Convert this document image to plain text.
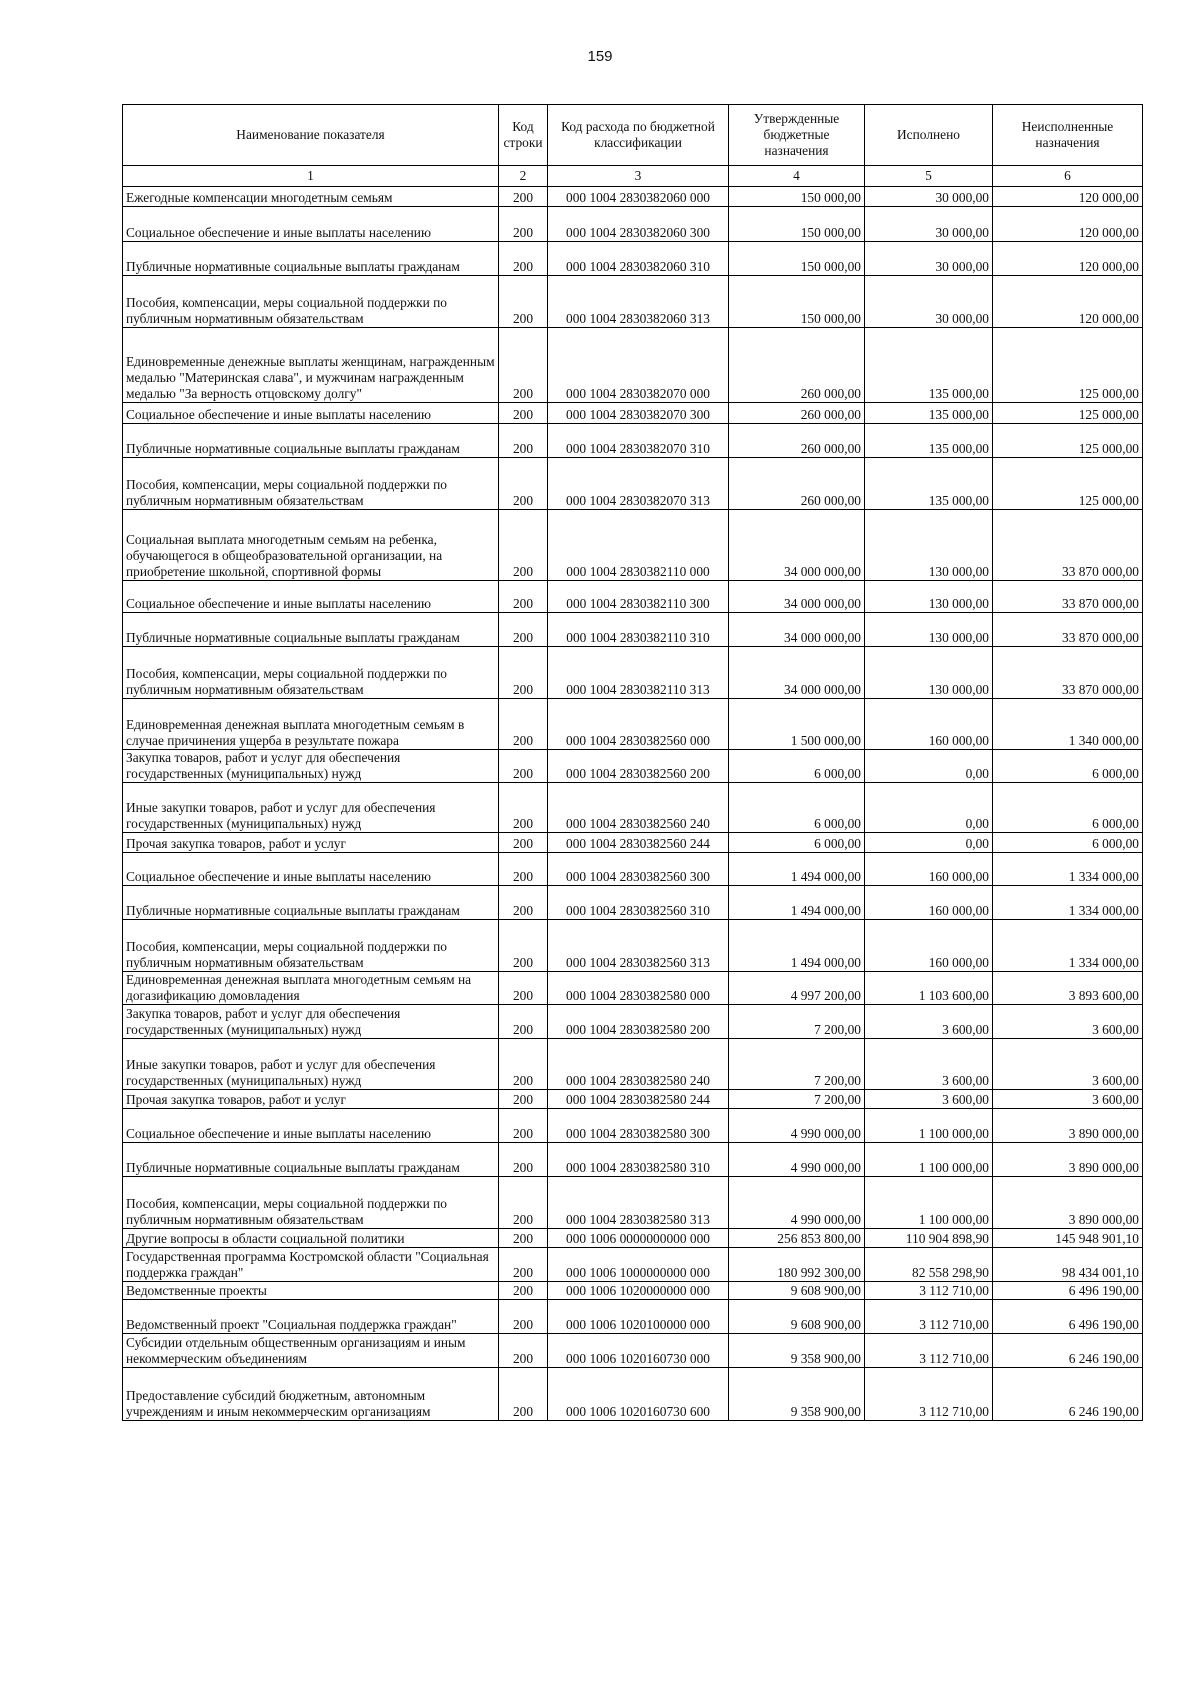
159
Наименование показателя	Код строки	Код расхода по бюджетной классификации	Утвержденные бюджетные назначения	Исполнено	Неисполненные назначения
1	2	3	4	5	6
Ежегодные компенсации многодетным семьям	200	000 1004 2830382060 000	150 000,00	30 000,00	120 000,00
Социальное обеспечение и иные выплаты населению	200	000 1004 2830382060 300	150 000,00	30 000,00	120 000,00
Публичные нормативные социальные выплаты гражданам	200	000 1004 2830382060 310	150 000,00	30 000,00	120 000,00
Пособия, компенсации, меры социальной поддержки по публичным нормативным обязательствам	200	000 1004 2830382060 313	150 000,00	30 000,00	120 000,00
Единовременные денежные выплаты женщинам, награжденным медалью "Материнская слава", и мужчинам награжденным медалью "За верность отцовскому долгу"	200	000 1004 2830382070 000	260 000,00	135 000,00	125 000,00
Социальное обеспечение и иные выплаты населению	200	000 1004 2830382070 300	260 000,00	135 000,00	125 000,00
Публичные нормативные социальные выплаты гражданам	200	000 1004 2830382070 310	260 000,00	135 000,00	125 000,00
Пособия, компенсации, меры социальной поддержки по публичным нормативным обязательствам	200	000 1004 2830382070 313	260 000,00	135 000,00	125 000,00
Социальная выплата многодетным семьям на ребенка, обучающегося в общеобразовательной организации, на приобретение школьной, спортивной формы	200	000 1004 2830382110 000	34 000 000,00	130 000,00	33 870 000,00
Социальное обеспечение и иные выплаты населению	200	000 1004 2830382110 300	34 000 000,00	130 000,00	33 870 000,00
Публичные нормативные социальные выплаты гражданам	200	000 1004 2830382110 310	34 000 000,00	130 000,00	33 870 000,00
Пособия, компенсации, меры социальной поддержки по публичным нормативным обязательствам	200	000 1004 2830382110 313	34 000 000,00	130 000,00	33 870 000,00
Единовременная денежная выплата многодетным семьям в случае причинения ущерба в результате пожара	200	000 1004 2830382560 000	1 500 000,00	160 000,00	1 340 000,00
Закупка товаров, работ и услуг для обеспечения государственных (муниципальных) нужд	200	000 1004 2830382560 200	6 000,00	0,00	6 000,00
Иные закупки товаров, работ и услуг для обеспечения государственных (муниципальных) нужд	200	000 1004 2830382560 240	6 000,00	0,00	6 000,00
Прочая закупка товаров, работ и услуг	200	000 1004 2830382560 244	6 000,00	0,00	6 000,00
Социальное обеспечение и иные выплаты населению	200	000 1004 2830382560 300	1 494 000,00	160 000,00	1 334 000,00
Публичные нормативные социальные выплаты гражданам	200	000 1004 2830382560 310	1 494 000,00	160 000,00	1 334 000,00
Пособия, компенсации, меры социальной поддержки по публичным нормативным обязательствам	200	000 1004 2830382560 313	1 494 000,00	160 000,00	1 334 000,00
Единовременная денежная выплата многодетным семьям на догазификацию домовладения	200	000 1004 2830382580 000	4 997 200,00	1 103 600,00	3 893 600,00
Закупка товаров, работ и услуг для обеспечения государственных (муниципальных) нужд	200	000 1004 2830382580 200	7 200,00	3 600,00	3 600,00
Иные закупки товаров, работ и услуг для обеспечения государственных (муниципальных) нужд	200	000 1004 2830382580 240	7 200,00	3 600,00	3 600,00
Прочая закупка товаров, работ и услуг	200	000 1004 2830382580 244	7 200,00	3 600,00	3 600,00
Социальное обеспечение и иные выплаты населению	200	000 1004 2830382580 300	4 990 000,00	1 100 000,00	3 890 000,00
Публичные нормативные социальные выплаты гражданам	200	000 1004 2830382580 310	4 990 000,00	1 100 000,00	3 890 000,00
Пособия, компенсации, меры социальной поддержки по публичным нормативным обязательствам	200	000 1004 2830382580 313	4 990 000,00	1 100 000,00	3 890 000,00
Другие вопросы в области социальной политики	200	000 1006 0000000000 000	256 853 800,00	110 904 898,90	145 948 901,10
Государственная программа Костромской области "Социальная поддержка граждан"	200	000 1006 1000000000 000	180 992 300,00	82 558 298,90	98 434 001,10
Ведомственные проекты	200	000 1006 1020000000 000	9 608 900,00	3 112 710,00	6 496 190,00
Ведомственный проект "Социальная поддержка граждан"	200	000 1006 1020100000 000	9 608 900,00	3 112 710,00	6 496 190,00
Субсидии отдельным общественным организациям и иным некоммерческим объединениям	200	000 1006 1020160730 000	9 358 900,00	3 112 710,00	6 246 190,00
Предоставление субсидий бюджетным, автономным учреждениям и иным некоммерческим организациям	200	000 1006 1020160730 600	9 358 900,00	3 112 710,00	6 246 190,00
